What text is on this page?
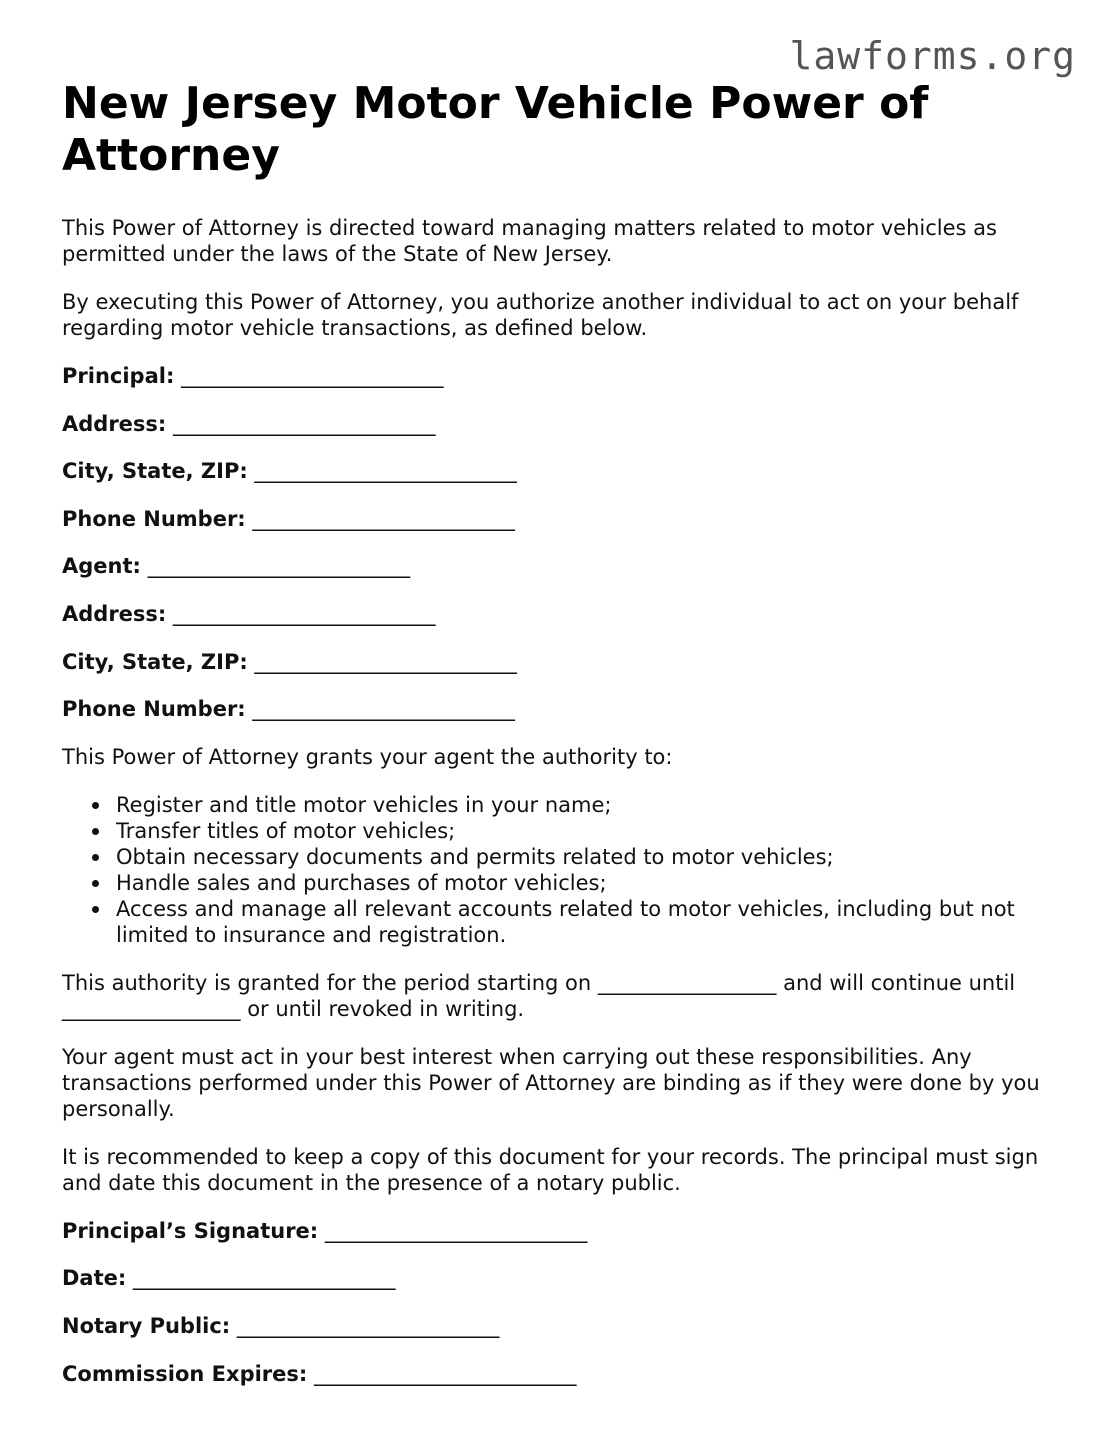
lawforms.org
New Jersey Motor Vehicle Power of Attorney

This Power of Attorney is directed toward managing matters related to motor vehicles as permitted under the laws of the State of New Jersey.

By executing this Power of Attorney, you authorize another individual to act on your behalf regarding motor vehicle transactions, as defined below.

Principal: _________________________
Address: _________________________
City, State, ZIP: _________________________
Phone Number: _________________________
Agent: _________________________
Address: _________________________
City, State, ZIP: _________________________
Phone Number: _________________________

This Power of Attorney grants your agent the authority to:

Register and title motor vehicles in your name;
Transfer titles of motor vehicles;
Obtain necessary documents and permits related to motor vehicles;
Handle sales and purchases of motor vehicles;
Access and manage all relevant accounts related to motor vehicles, including but not limited to insurance and registration.

This authority is granted for the period starting on _________________ and will continue until _________________ or until revoked in writing.

Your agent must act in your best interest when carrying out these responsibilities. Any transactions performed under this Power of Attorney are binding as if they were done by you personally.

It is recommended to keep a copy of this document for your records. The principal must sign and date this document in the presence of a notary public.

Principal’s Signature: _________________________
Date: _________________________
Notary Public: _________________________
Commission Expires: _________________________
